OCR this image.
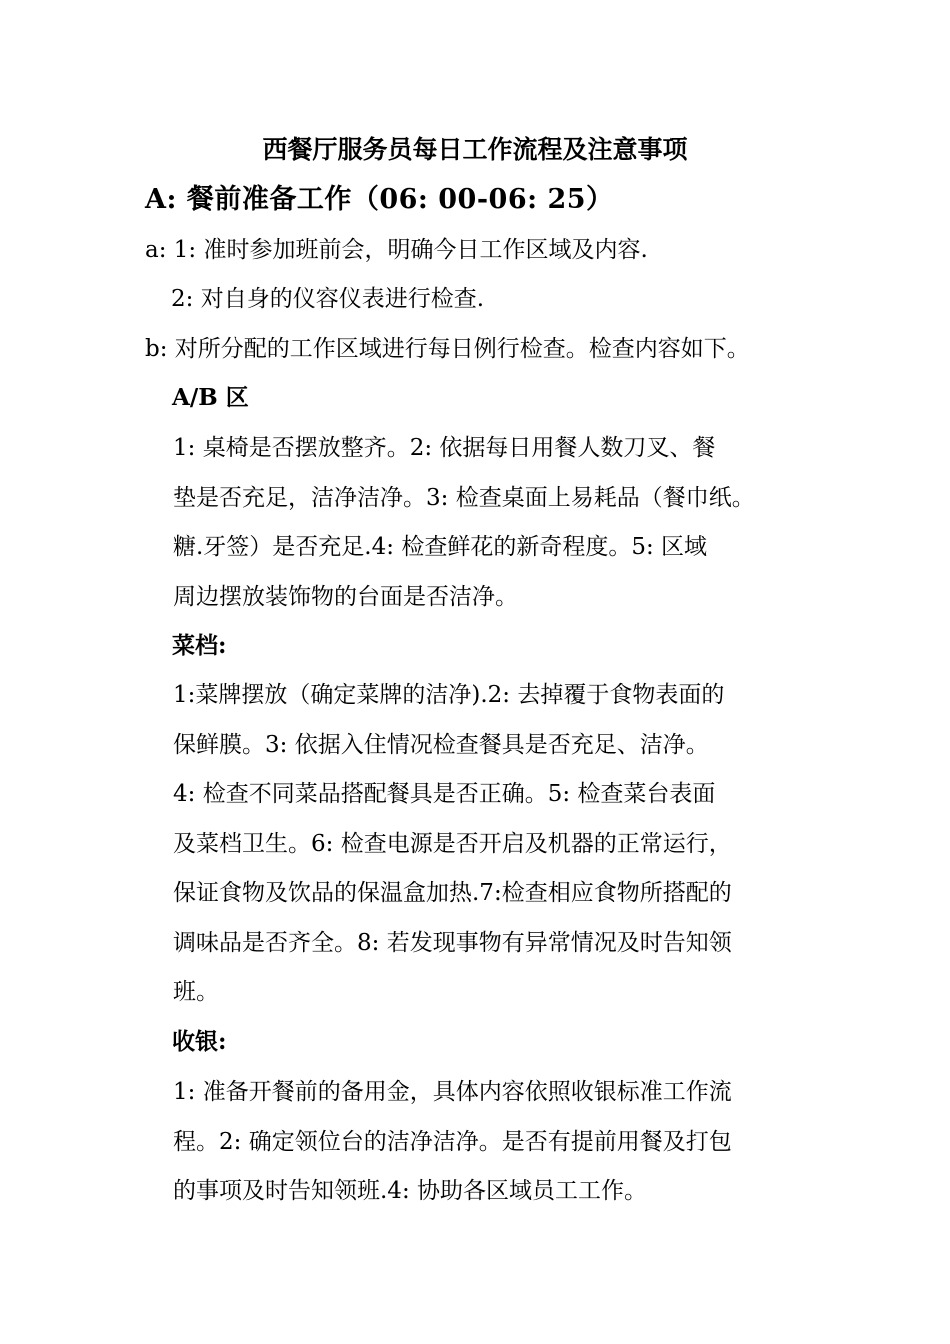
西餐厅服务员每日工作流程及注意事项
A: 餐前准备工作（06: 00-06: 25）

a: 1: 准时参加班前会，明确今日工作区域及内容.

2: 对自身的仪容仪表进行检查.

b: 对所分配的工作区域进行每日例行检查。检查内容如下。

A/B 区
1: 桌椅是否摆放整齐。2: 依据每日用餐人数刀叉、餐
垫是否充足，洁净洁净。3: 检查桌面上易耗品（餐巾纸。
糖.牙签）是否充足.4: 检查鲜花的新奇程度。5: 区域
周边摆放装饰物的台面是否洁净。
菜档:
1:菜牌摆放（确定菜牌的洁净).2: 去掉覆于食物表面的
保鲜膜。3: 依据入住情况检查餐具是否充足、洁净。
4: 检查不同菜品搭配餐具是否正确。5: 检查菜台表面
及菜档卫生。6: 检查电源是否开启及机器的正常运行，
保证食物及饮品的保温盒加热.7:检查相应食物所搭配的
调味品是否齐全。8: 若发现事物有异常情况及时告知领
班。
收银:
1: 准备开餐前的备用金，具体内容依照收银标准工作流
程。2: 确定领位台的洁净洁净。是否有提前用餐及打包
的事项及时告知领班.4: 协助各区域员工工作。
